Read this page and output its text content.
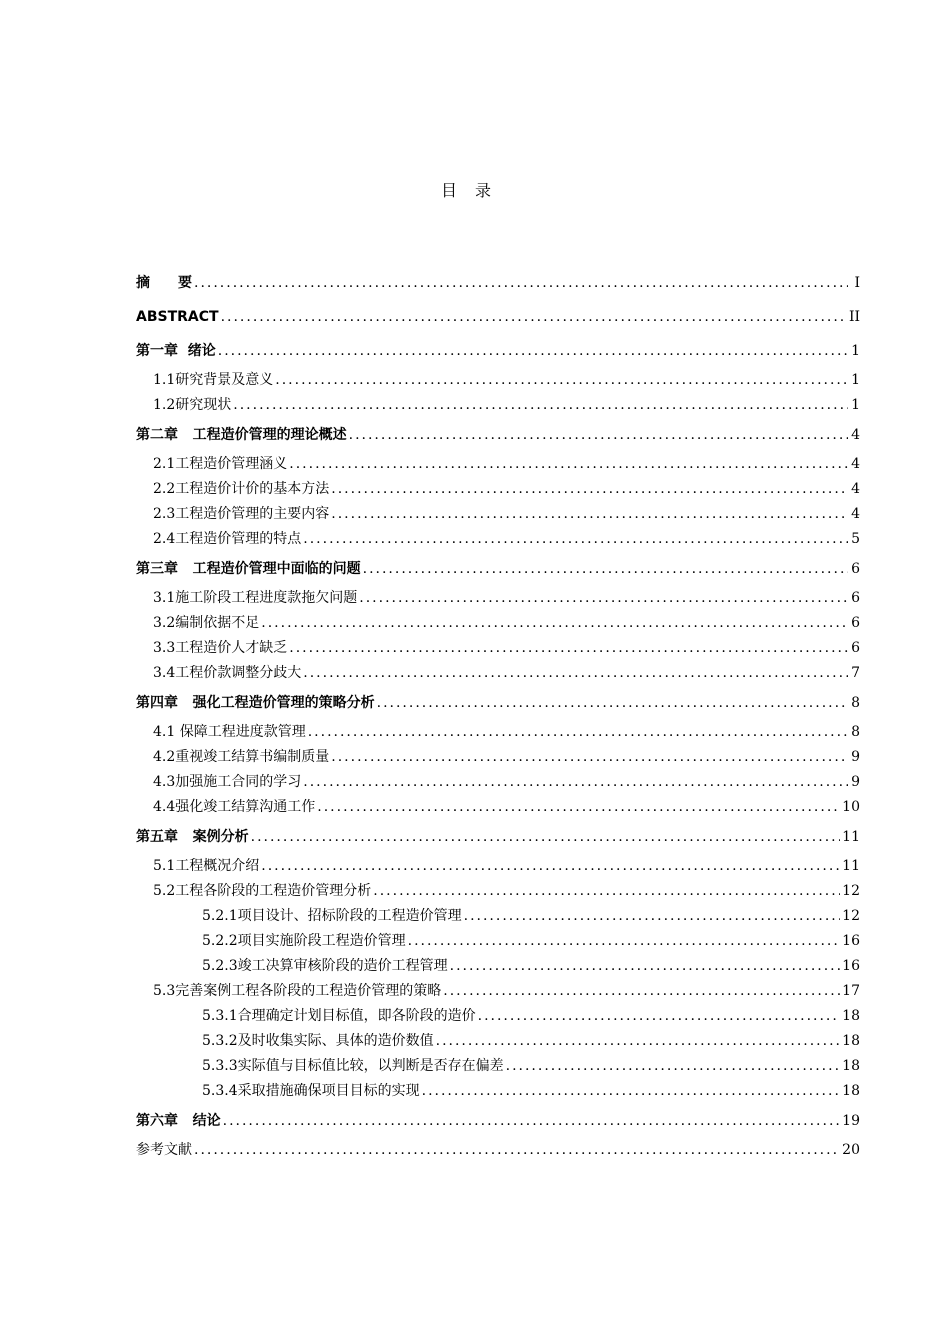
目录
摘　　要 .....	I
ABSTRACT .....	II
第一章  绪论 .....	1
1.1研究背景及意义 .....	1
1.2研究现状 .....	1
第二章   工程造价管理的理论概述 .....	4
2.1工程造价管理涵义 .....	4
2.2工程造价计价的基本方法 .....	4
2.3工程造价管理的主要内容 .....	4
2.4工程造价管理的特点 .....	5
第三章   工程造价管理中面临的问题 .....	6
3.1施工阶段工程进度款拖欠问题 .....	6
3.2编制依据不足 .....	6
3.3工程造价人才缺乏 .....	6
3.4工程价款调整分歧大 .....	7
第四章   强化工程造价管理的策略分析 .....	8
4.1 保障工程进度款管理 .....	8
4.2重视竣工结算书编制质量 .....	9
4.3加强施工合同的学习 .....	9
4.4强化竣工结算沟通工作 .....	10
第五章   案例分析 .....	11
5.1工程概况介绍 .....	11
5.2工程各阶段的工程造价管理分析 .....	12
5.2.1项目设计、招标阶段的工程造价管理 .....	12
5.2.2项目实施阶段工程造价管理 .....	16
5.2.3竣工决算审核阶段的造价工程管理 .....	16
5.3完善案例工程各阶段的工程造价管理的策略 .....	17
5.3.1合理确定计划目标值，即各阶段的造价 .....	18
5.3.2及时收集实际、具体的造价数值 .....	18
5.3.3实际值与目标值比较，以判断是否存在偏差 .....	18
5.3.4采取措施确保项目目标的实现 .....	18
第六章   结论 .....	19
参考文献 .....	20
